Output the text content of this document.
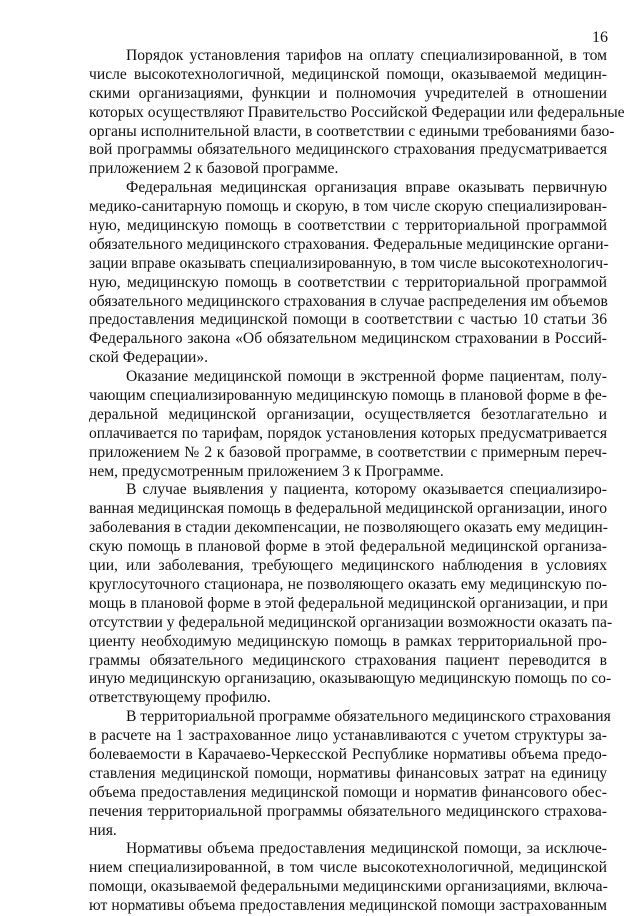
16
Порядок установления тарифов на оплату специализированной, в том
числе высокотехнологичной, медицинской помощи, оказываемой медицин-
скими организациями, функции и полномочия учредителей в отношении
которых осуществляют Правительство Российской Федерации или федеральные
органы исполнительной власти, в соответствии с едиными требованиями базо-
вой программы обязательного медицинского страхования предусматривается
приложением 2 к базовой программе.
Федеральная медицинская организация вправе оказывать первичную
медико-санитарную помощь и скорую, в том числе скорую специализирован-
ную, медицинскую помощь в соответствии с территориальной программой
обязательного медицинского страхования. Федеральные медицинские органи-
зации вправе оказывать специализированную, в том числе высокотехнологич-
ную, медицинскую помощь в соответствии с территориальной программой
обязательного медицинского страхования в случае распределения им объемов
предоставления медицинской помощи в соответствии с частью 10 статьи 36
Федерального закона «Об обязательном медицинском страховании в Россий-
ской Федерации».
Оказание медицинской помощи в экстренной форме пациентам, полу-
чающим специализированную медицинскую помощь в плановой форме в фе-
деральной медицинской организации, осуществляется безотлагательно и
оплачивается по тарифам, порядок установления которых предусматривается
приложением № 2 к базовой программе, в соответствии с примерным переч-
нем, предусмотренным приложением 3 к Программе.
В случае выявления у пациента, которому оказывается специализиро-
ванная медицинская помощь в федеральной медицинской организации, иного
заболевания в стадии декомпенсации, не позволяющего оказать ему медицин-
скую помощь в плановой форме в этой федеральной медицинской организа-
ции, или заболевания, требующего медицинского наблюдения в условиях
круглосуточного стационара, не позволяющего оказать ему медицинскую по-
мощь в плановой форме в этой федеральной медицинской организации, и при
отсутствии у федеральной медицинской организации возможности оказать па-
циенту необходимую медицинскую помощь в рамках территориальной про-
граммы обязательного медицинского страхования пациент переводится в
иную медицинскую организацию, оказывающую медицинскую помощь по со-
ответствующему профилю.
В территориальной программе обязательного медицинского страхования
в расчете на 1 застрахованное лицо устанавливаются с учетом структуры за-
болеваемости в Карачаево-Черкесской Республике нормативы объема предо-
ставления медицинской помощи, нормативы финансовых затрат на единицу
объема предоставления медицинской помощи и норматив финансового обес-
печения территориальной программы обязательного медицинского страхова-
ния.
Нормативы объема предоставления медицинской помощи, за исключе-
нием специализированной, в том числе высокотехнологичной, медицинской
помощи, оказываемой федеральными медицинскими организациями, включа-
ют нормативы объема предоставления медицинской помощи застрахованным
